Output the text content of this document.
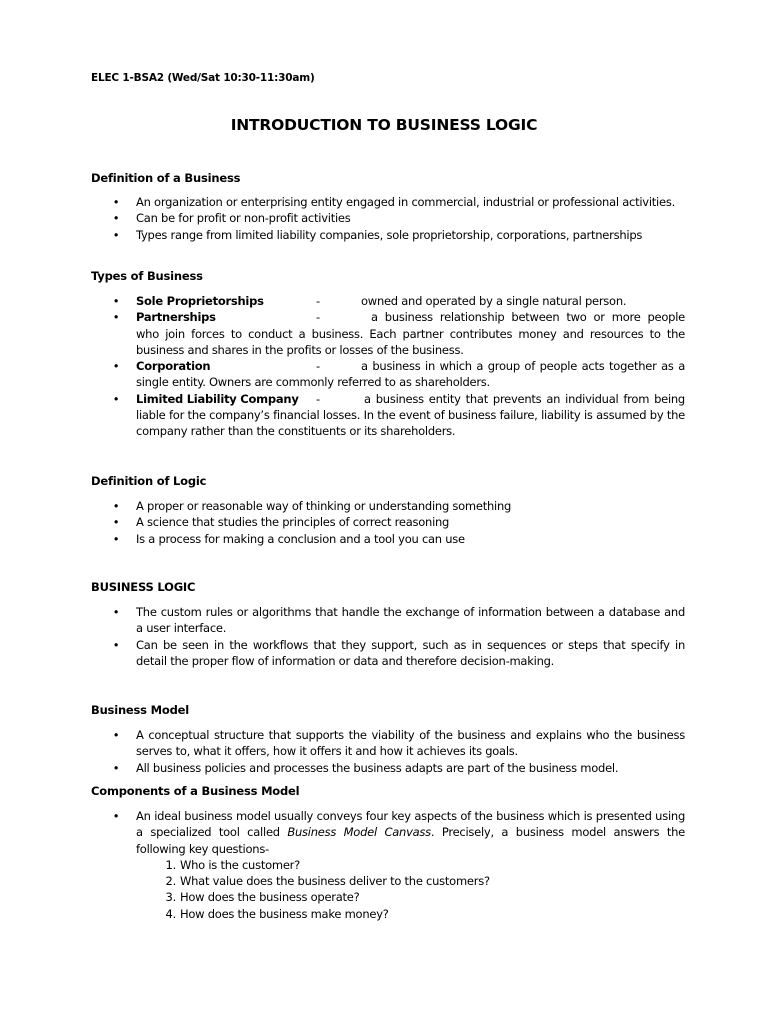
ELEC 1-BSA2 (Wed/Sat 10:30-11:30am)
INTRODUCTION TO BUSINESS LOGIC
Definition of a Business
• An organization or enterprising entity engaged in commercial, industrial or professional activities.
• Can be for profit or non-profit activities
• Types range from limited liability companies, sole proprietorship, corporations, partnerships
Types of Business
• Sole Proprietorships	-	owned and operated by a single natural person.
• Partnerships	-	a business relationship between two or more people who join forces to conduct a business. Each partner contributes money and resources to the business and shares in the profits or losses of the business.
• Corporation	-	a business in which a group of people acts together as a single entity. Owners are commonly referred to as shareholders.
• Limited Liability Company -	a business entity that prevents an individual from being liable for the company’s financial losses. In the event of business failure, liability is assumed by the company rather than the constituents or its shareholders.
Definition of Logic
• A proper or reasonable way of thinking or understanding something
• A science that studies the principles of correct reasoning
• Is a process for making a conclusion and a tool you can use
BUSINESS LOGIC
• The custom rules or algorithms that handle the exchange of information between a database and a user interface.
• Can be seen in the workflows that they support, such as in sequences or steps that specify in detail the proper flow of information or data and therefore decision-making.
Business Model
• A conceptual structure that supports the viability of the business and explains who the business serves to, what it offers, how it offers it and how it achieves its goals.
• All business policies and processes the business adapts are part of the business model.
Components of a Business Model
• An ideal business model usually conveys four key aspects of the business which is presented using a specialized tool called Business Model Canvass. Precisely, a business model answers the following key questions-
1. Who is the customer?
2. What value does the business deliver to the customers?
3. How does the business operate?
4. How does the business make money?
